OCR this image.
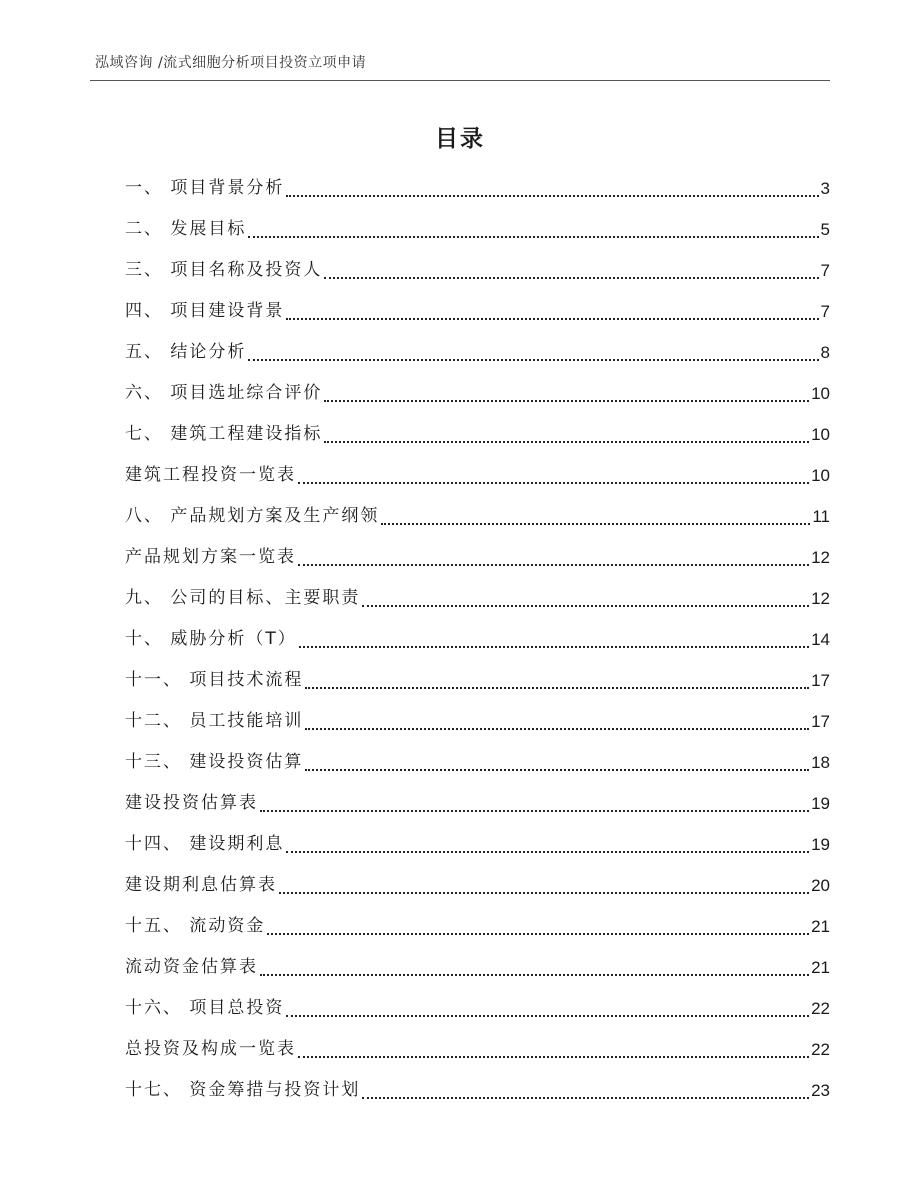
泓域咨询 /流式细胞分析项目投资立项申请
目录
一、 项目背景分析	3
二、 发展目标	5
三、 项目名称及投资人	7
四、 项目建设背景	7
五、 结论分析	8
六、 项目选址综合评价	10
七、 建筑工程建设指标	10
建筑工程投资一览表	10
八、 产品规划方案及生产纲领	11
产品规划方案一览表	12
九、 公司的目标、主要职责	12
十、 威胁分析（T）	14
十一、 项目技术流程	17
十二、 员工技能培训	17
十三、 建设投资估算	18
建设投资估算表	19
十四、 建设期利息	19
建设期利息估算表	20
十五、 流动资金	21
流动资金估算表	21
十六、 项目总投资	22
总投资及构成一览表	22
十七、 资金筹措与投资计划	23
